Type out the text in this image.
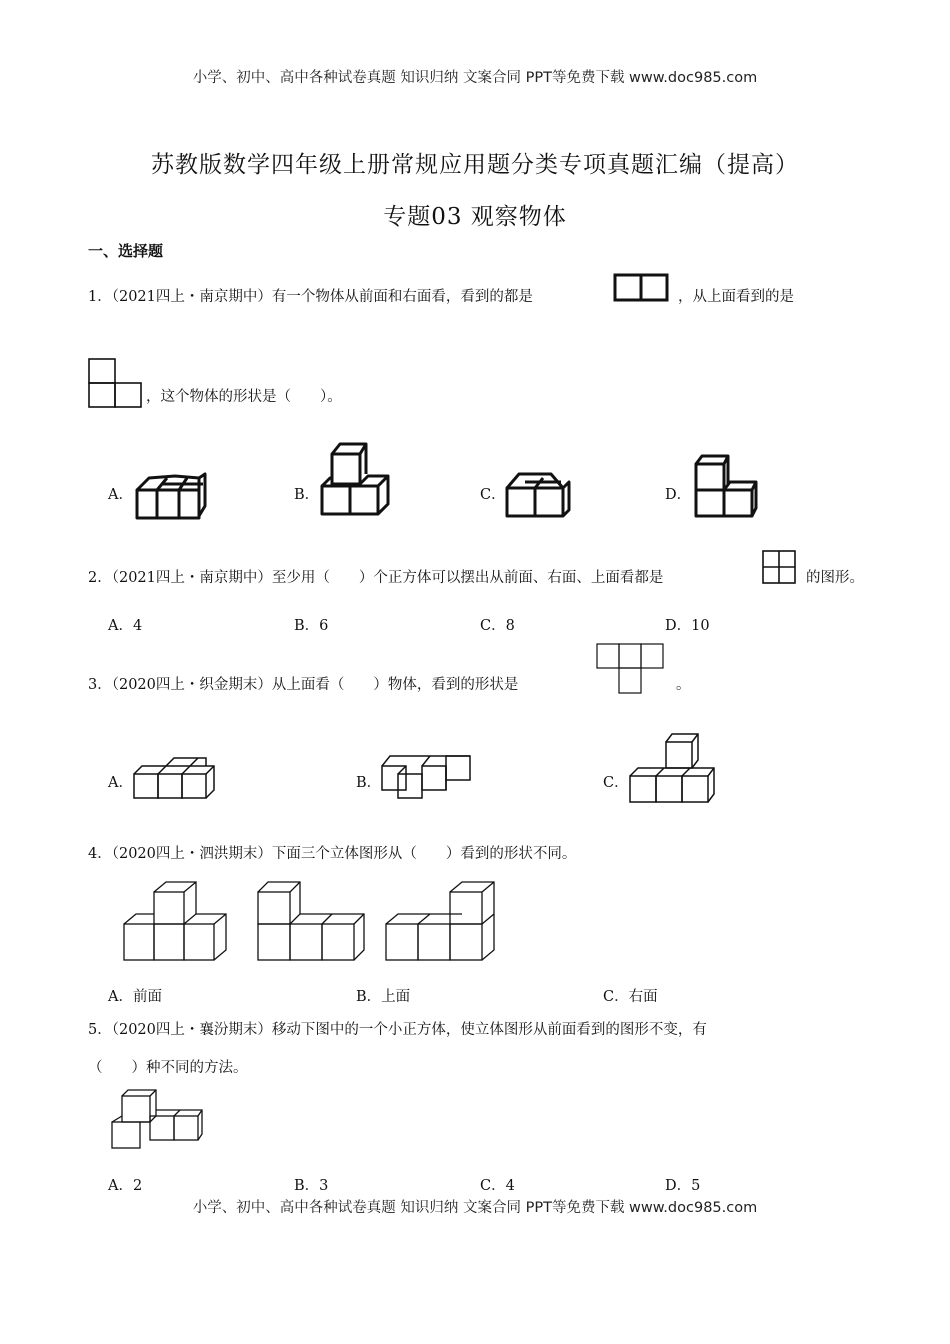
小学、初中、高中各种试卷真题 知识归纳 文案合同 PPT等免费下载 www.doc985.com
苏教版数学四年级上册常规应用题分类专项真题汇编（提高）
专题03 观察物体
一、选择题
1．（2021四上・南京期中）有一个物体从前面和右面看，看到的都是	，从上面看到的是
，这个物体的形状是（　　）。
A．	B．	C．	D．
2．（2021四上・南京期中）至少用（　　）个正方体可以摆出从前面、右面、上面看都是	的图形。
A．4	B．6	C．8	D．10
3．（2020四上・织金期末）从上面看（　　）物体，看到的形状是	。
A．	B．	C．
4．（2020四上・泗洪期末）下面三个立体图形从（　　）看到的形状不同。
A．前面	B．上面	C．右面
5．（2020四上・襄汾期末）移动下图中的一个小正方体，使立体图形从前面看到的图形不变，有
（　　）种不同的方法。
A．2	B．3	C．4	D．5
小学、初中、高中各种试卷真题 知识归纳 文案合同 PPT等免费下载 www.doc985.com
